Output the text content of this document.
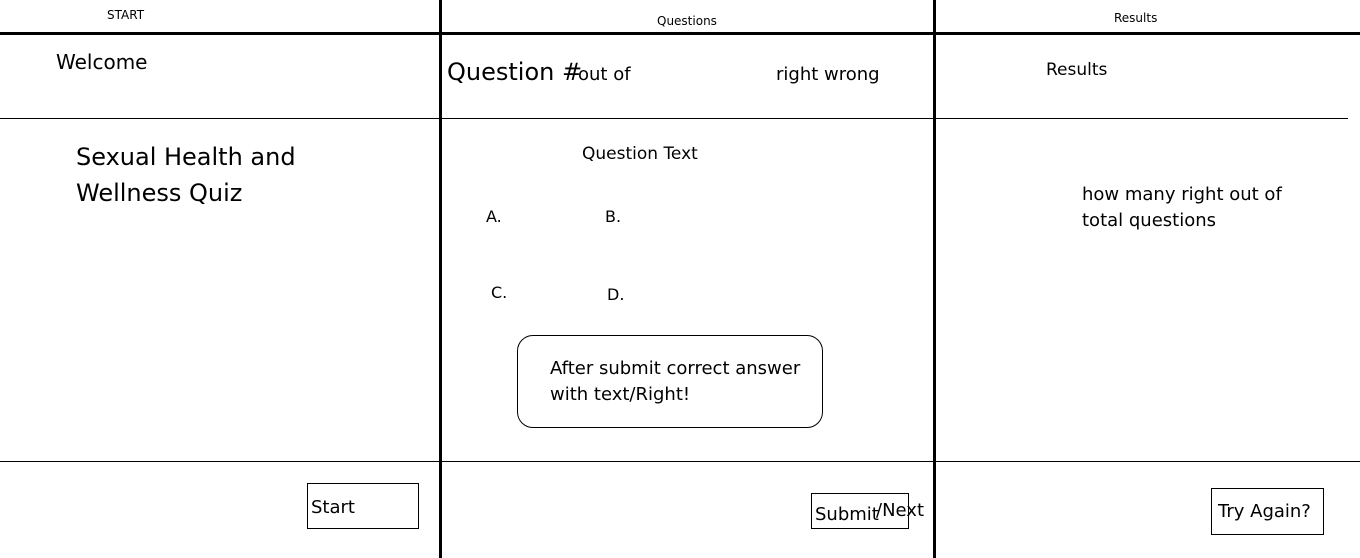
START	Questions	Results
Welcome
Sexual Health and Wellness Quiz
Start
Question #
out of	right wrong
Question Text
A.	B.
C.	D.
After submit correct answer with text/Right!
Submit
/Next
Results
how many right out of total questions
Try Again?
